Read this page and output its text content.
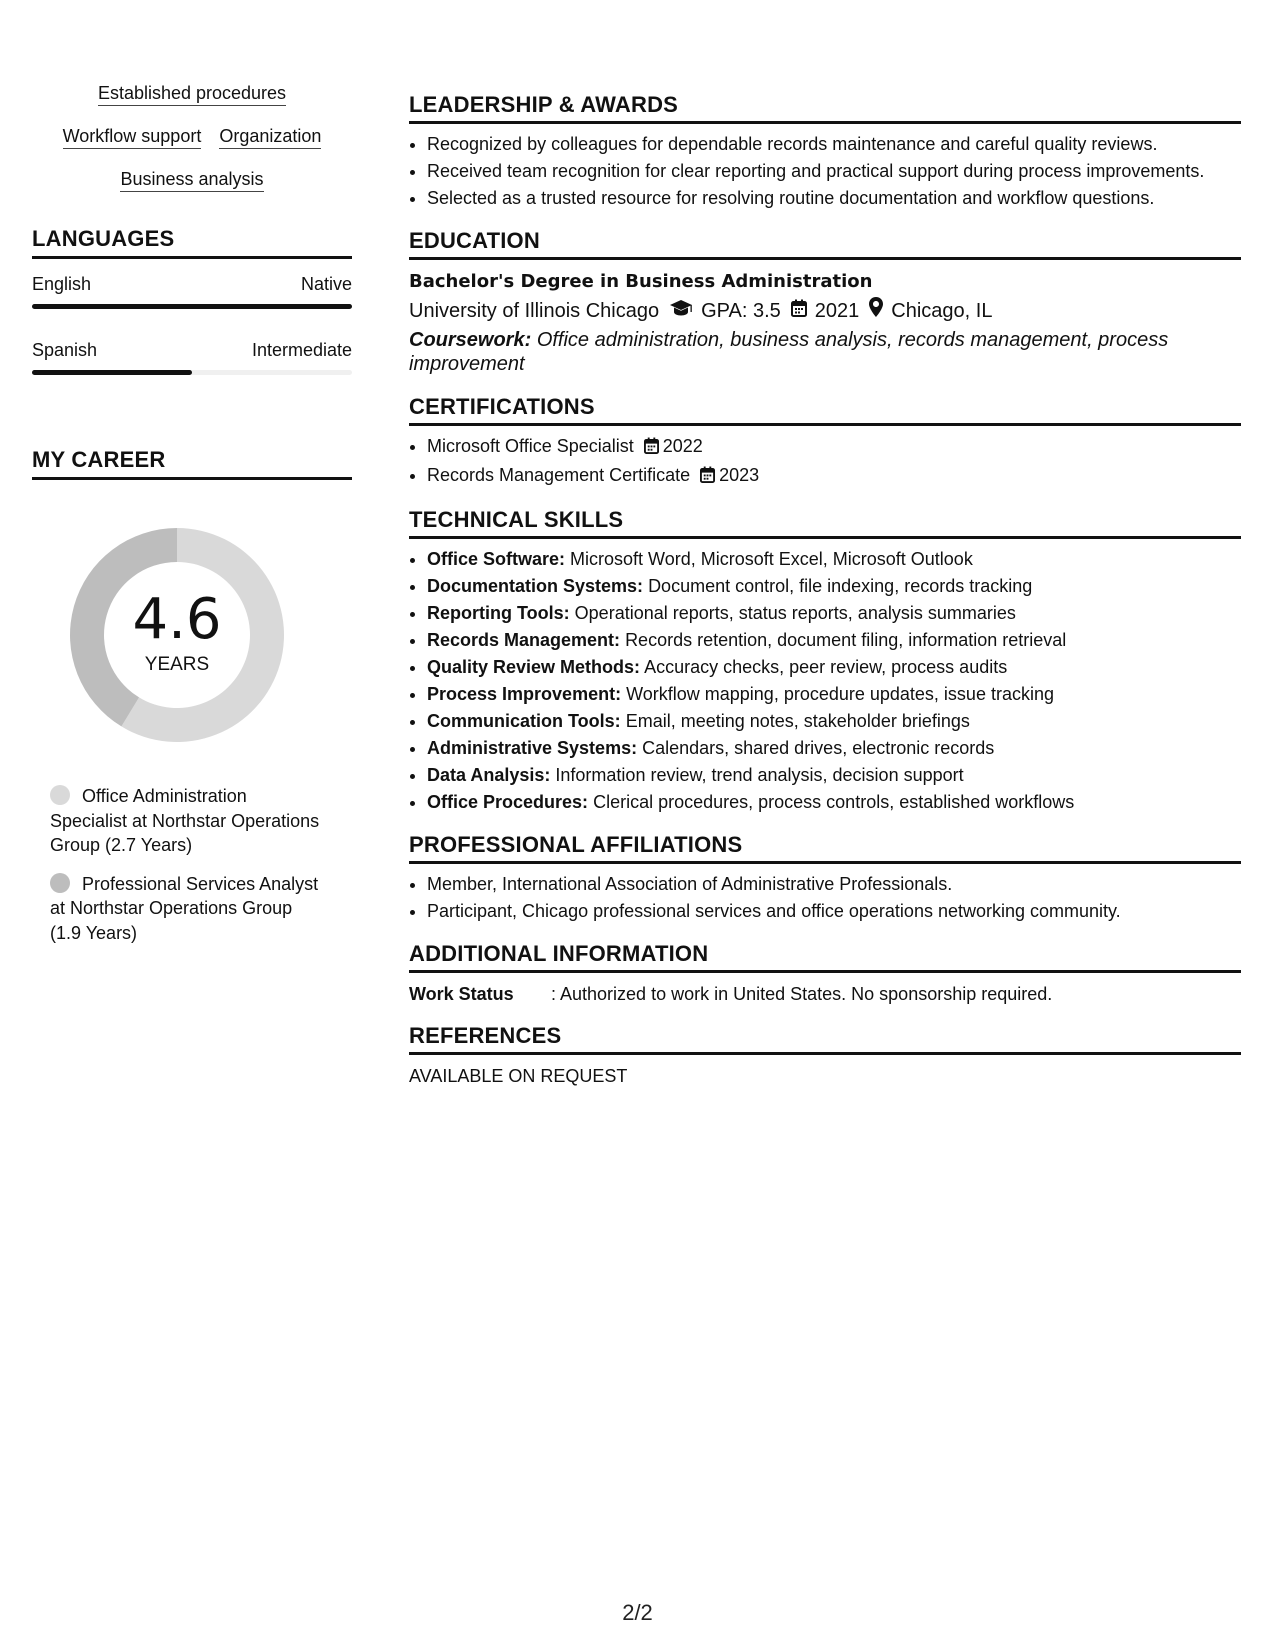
Established procedures
Workflow support Organization
Business analysis
LANGUAGES
English	Native
Spanish	Intermediate
MY CAREER
4.6
YEARS
Office Administration Specialist at Northstar Operations Group (2.7 Years)
Professional Services Analyst at Northstar Operations Group (1.9 Years)
LEADERSHIP & AWARDS
• Recognized by colleagues for dependable records maintenance and careful quality reviews.
• Received team recognition for clear reporting and practical support during process improvements.
• Selected as a trusted resource for resolving routine documentation and workflow questions.
EDUCATION
Bachelor's Degree in Business Administration
University of Illinois Chicago GPA: 3.5 2021 Chicago, IL
Coursework: Office administration, business analysis, records management, process improvement
CERTIFICATIONS
• Microsoft Office Specialist 2022
• Records Management Certificate 2023
TECHNICAL SKILLS
• Office Software: Microsoft Word, Microsoft Excel, Microsoft Outlook
• Documentation Systems: Document control, file indexing, records tracking
• Reporting Tools: Operational reports, status reports, analysis summaries
• Records Management: Records retention, document filing, information retrieval
• Quality Review Methods: Accuracy checks, peer review, process audits
• Process Improvement: Workflow mapping, procedure updates, issue tracking
• Communication Tools: Email, meeting notes, stakeholder briefings
• Administrative Systems: Calendars, shared drives, electronic records
• Data Analysis: Information review, trend analysis, decision support
• Office Procedures: Clerical procedures, process controls, established workflows
PROFESSIONAL AFFILIATIONS
• Member, International Association of Administrative Professionals.
• Participant, Chicago professional services and office operations networking community.
ADDITIONAL INFORMATION
Work Status	: Authorized to work in United States. No sponsorship required.
REFERENCES
AVAILABLE ON REQUEST
2/2
